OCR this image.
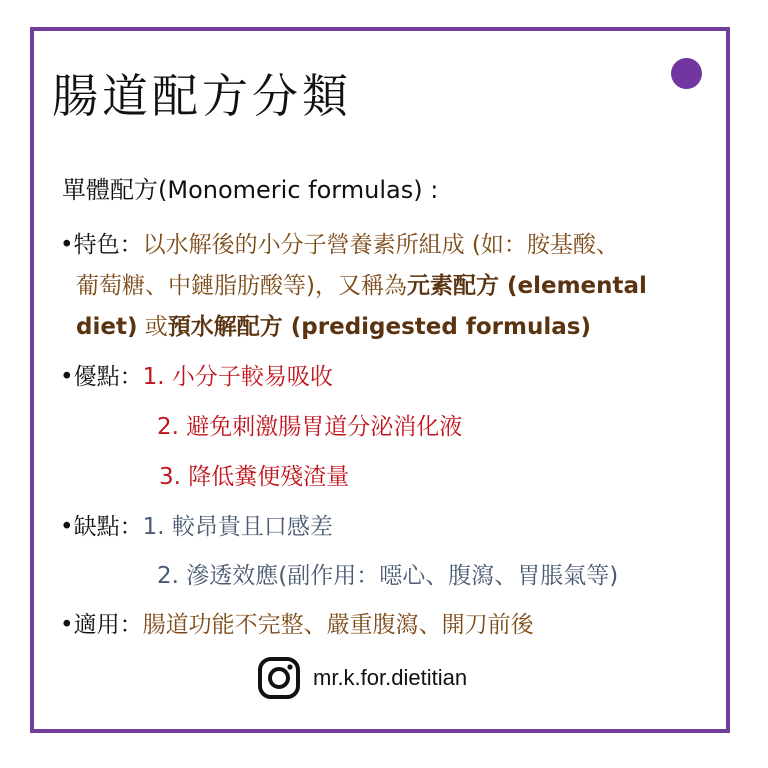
腸道配方分類
單體配方(Monomeric formulas) :
•特色：以水解後的小分子營養素所組成 (如：胺基酸、
葡萄糖、中鏈脂肪酸等)，又稱為元素配方 (elemental
diet) 或預水解配方 (predigested formulas)
•優點：1. 小分子較易吸收
2. 避免刺激腸胃道分泌消化液
3. 降低糞便殘渣量
•缺點：1. 較昂貴且口感差
2. 滲透效應(副作用：噁心、腹瀉、胃脹氣等)
•適用：腸道功能不完整、嚴重腹瀉、開刀前後
mr.k.for.dietitian
